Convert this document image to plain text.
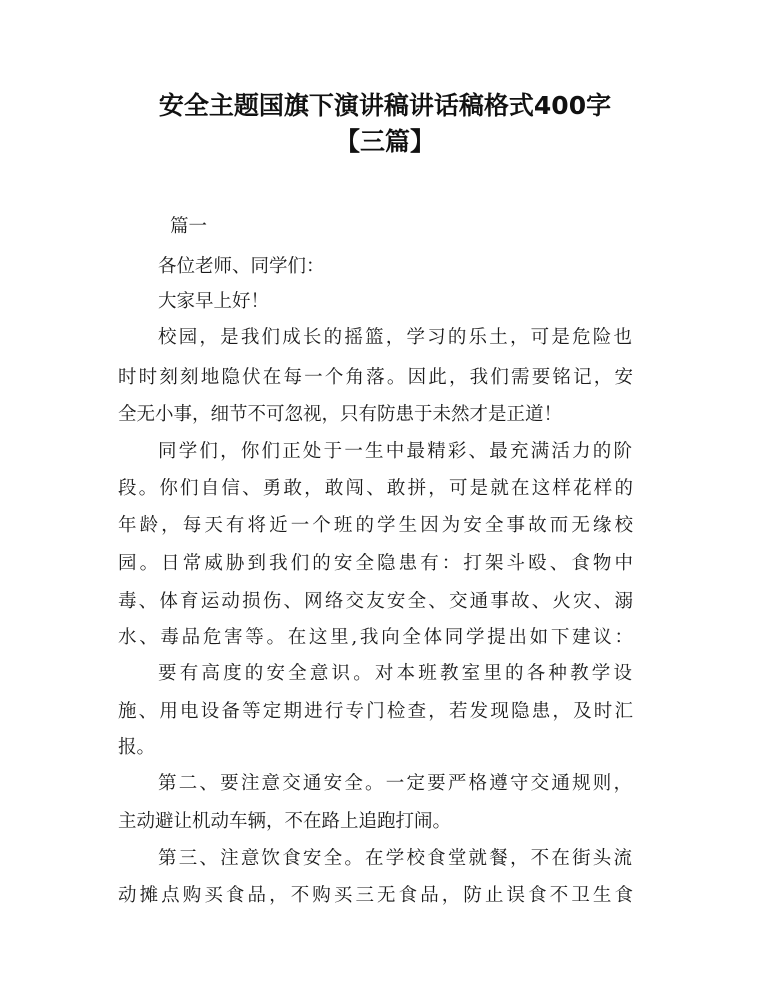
安全主题国旗下演讲稿讲话稿格式400字
【三篇】
篇一
各位老师、同学们：
大家早上好！
校园，是我们成长的摇篮，学习的乐土，可是危险也
时时刻刻地隐伏在每一个角落。因此，我们需要铭记，安
全无小事，细节不可忽视，只有防患于未然才是正道！
同学们，你们正处于一生中最精彩、最充满活力的阶
段。你们自信、勇敢，敢闯、敢拼，可是就在这样花样的
年龄，每天有将近一个班的学生因为安全事故而无缘校
园。日常威胁到我们的安全隐患有：打架斗殴、食物中
毒、体育运动损伤、网络交友安全、交通事故、火灾、溺
水、毒品危害等。在这里,我向全体同学提出如下建议：
要有高度的安全意识。对本班教室里的各种教学设
施、用电设备等定期进行专门检查，若发现隐患，及时汇
报。
第二、要注意交通安全。一定要严格遵守交通规则，
主动避让机动车辆，不在路上追跑打闹。
第三、注意饮食安全。在学校食堂就餐，不在街头流
动摊点购买食品，不购买三无食品，防止误食不卫生食
